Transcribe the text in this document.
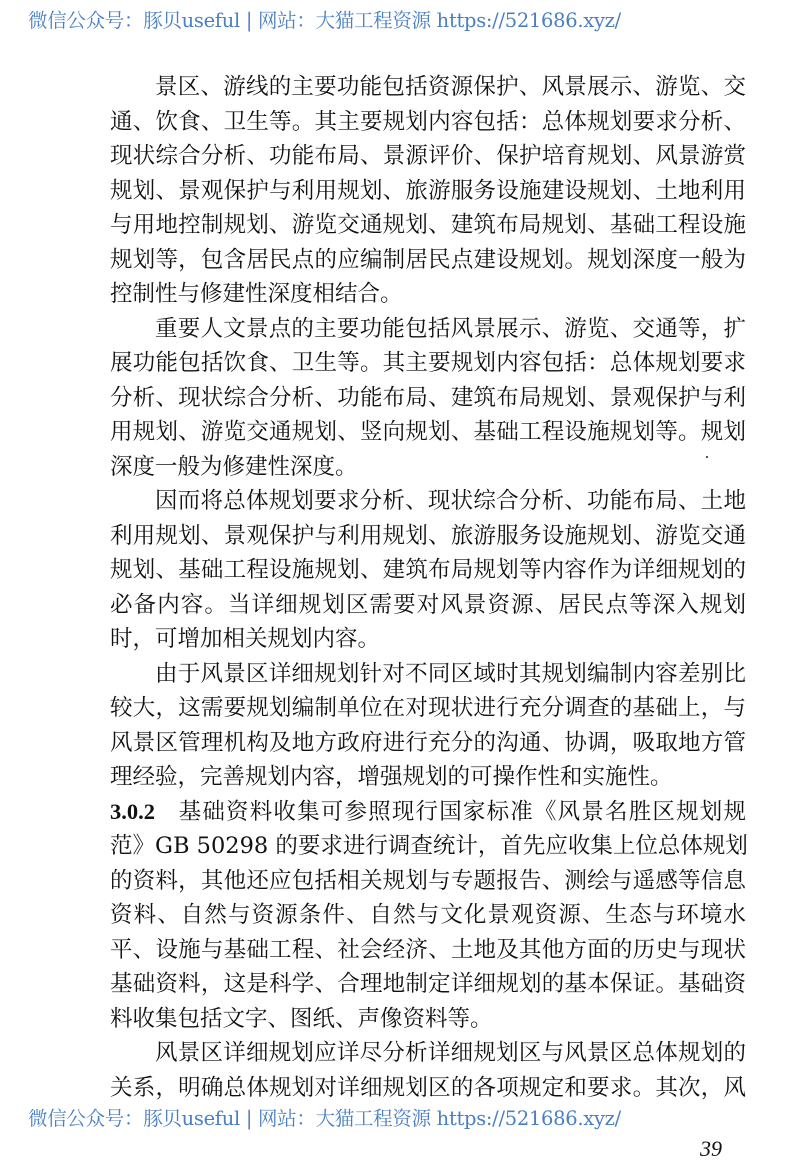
微信公众号：豚贝useful | 网站：大猫工程资源 https://521686.xyz/
景区、游线的主要功能包括资源保护、风景展示、游览、交
通、饮食、卫生等。其主要规划内容包括：总体规划要求分析、
现状综合分析、功能布局、景源评价、保护培育规划、风景游赏
规划、景观保护与利用规划、旅游服务设施建设规划、土地利用
与用地控制规划、游览交通规划、建筑布局规划、基础工程设施
规划等，包含居民点的应编制居民点建设规划。规划深度一般为
控制性与修建性深度相结合。
重要人文景点的主要功能包括风景展示、游览、交通等，扩
展功能包括饮食、卫生等。其主要规划内容包括：总体规划要求
分析、现状综合分析、功能布局、建筑布局规划、景观保护与利
用规划、游览交通规划、竖向规划、基础工程设施规划等。规划
深度一般为修建性深度。
因而将总体规划要求分析、现状综合分析、功能布局、土地
利用规划、景观保护与利用规划、旅游服务设施规划、游览交通
规划、基础工程设施规划、建筑布局规划等内容作为详细规划的
必备内容。当详细规划区需要对风景资源、居民点等深入规划
时，可增加相关规划内容。
由于风景区详细规划针对不同区域时其规划编制内容差别比
较大，这需要规划编制单位在对现状进行充分调查的基础上，与
风景区管理机构及地方政府进行充分的沟通、协调，吸取地方管
理经验，完善规划内容，增强规划的可操作性和实施性。
3.0.2  基础资料收集可参照现行国家标准《风景名胜区规划规
范》GB 50298 的要求进行调查统计，首先应收集上位总体规划
的资料，其他还应包括相关规划与专题报告、测绘与遥感等信息
资料、自然与资源条件、自然与文化景观资源、生态与环境水
平、设施与基础工程、社会经济、土地及其他方面的历史与现状
基础资料，这是科学、合理地制定详细规划的基本保证。基础资
料收集包括文字、图纸、声像资料等。
风景区详细规划应详尽分析详细规划区与风景区总体规划的
关系，明确总体规划对详细规划区的各项规定和要求。其次，风
微信公众号：豚贝useful | 网站：大猫工程资源 https://521686.xyz/
39
